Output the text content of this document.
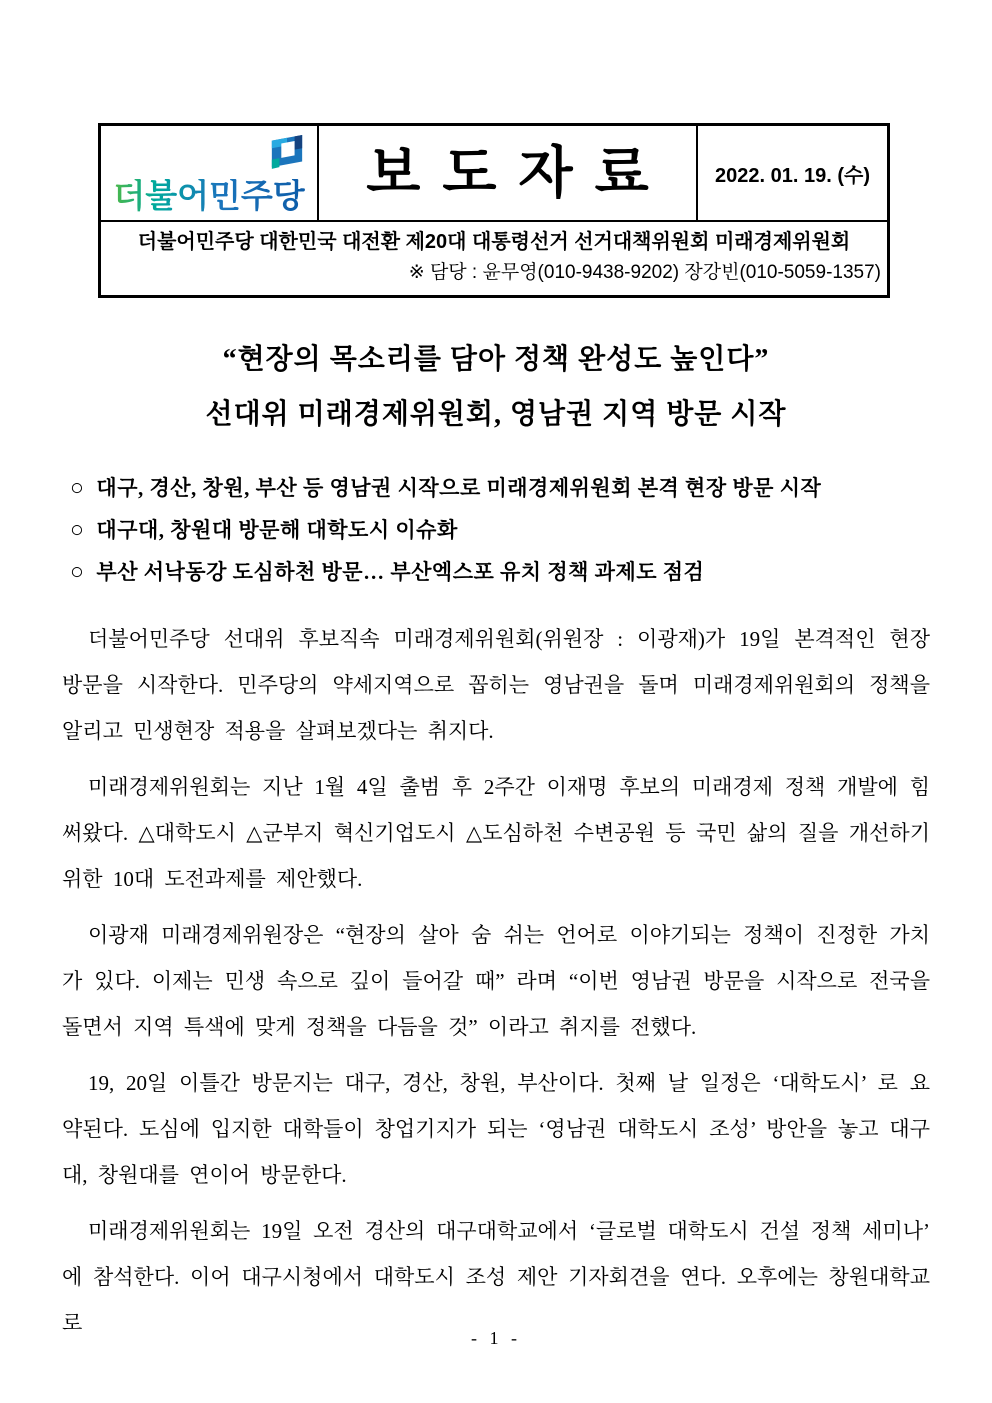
더불어민주당 보도자료 2022. 01. 19. (수)
더불어민주당 대한민국 대전환 제20대 대통령선거 선거대책위원회 미래경제위원회
※ 담당 : 윤무영(010-9438-9202) 장강빈(010-5059-1357)
“현장의 목소리를 담아 정책 완성도 높인다”
선대위 미래경제위원회, 영남권 지역 방문 시작
○ 대구, 경산, 창원, 부산 등 영남권 시작으로 미래경제위원회 본격 현장 방문 시작
○ 대구대, 창원대 방문해 대학도시 이슈화
○ 부산 서낙동강 도심하천 방문… 부산엑스포 유치 정책 과제도 점검

더불어민주당 선대위 후보직속 미래경제위원회(위원장 : 이광재)가 19일 본격적인 현장 방문을 시작한다. 민주당의 약세지역으로 꼽히는 영남권을 돌며 미래경제위원회의 정책을 알리고 민생현장 적용을 살펴보겠다는 취지다.

미래경제위원회는 지난 1월 4일 출범 후 2주간 이재명 후보의 미래경제 정책 개발에 힘써왔다. △대학도시 △군부지 혁신기업도시 △도심하천 수변공원 등 국민 삶의 질을 개선하기 위한 10대 도전과제를 제안했다.

이광재 미래경제위원장은 “현장의 살아 숨 쉬는 언어로 이야기되는 정책이 진정한 가치가 있다. 이제는 민생 속으로 깊이 들어갈 때” 라며 “이번 영남권 방문을 시작으로 전국을 돌면서 지역 특색에 맞게 정책을 다듬을 것” 이라고 취지를 전했다.

19, 20일 이틀간 방문지는 대구, 경산, 창원, 부산이다. 첫째 날 일정은 ‘대학도시’ 로 요약된다. 도심에 입지한 대학들이 창업기지가 되는 ‘영남권 대학도시 조성’ 방안을 놓고 대구대, 창원대를 연이어 방문한다.

미래경제위원회는 19일 오전 경산의 대구대학교에서 ‘글로벌 대학도시 건설 정책 세미나’ 에 참석한다. 이어 대구시청에서 대학도시 조성 제안 기자회견을 연다. 오후에는 창원대학교로

- 1 -
